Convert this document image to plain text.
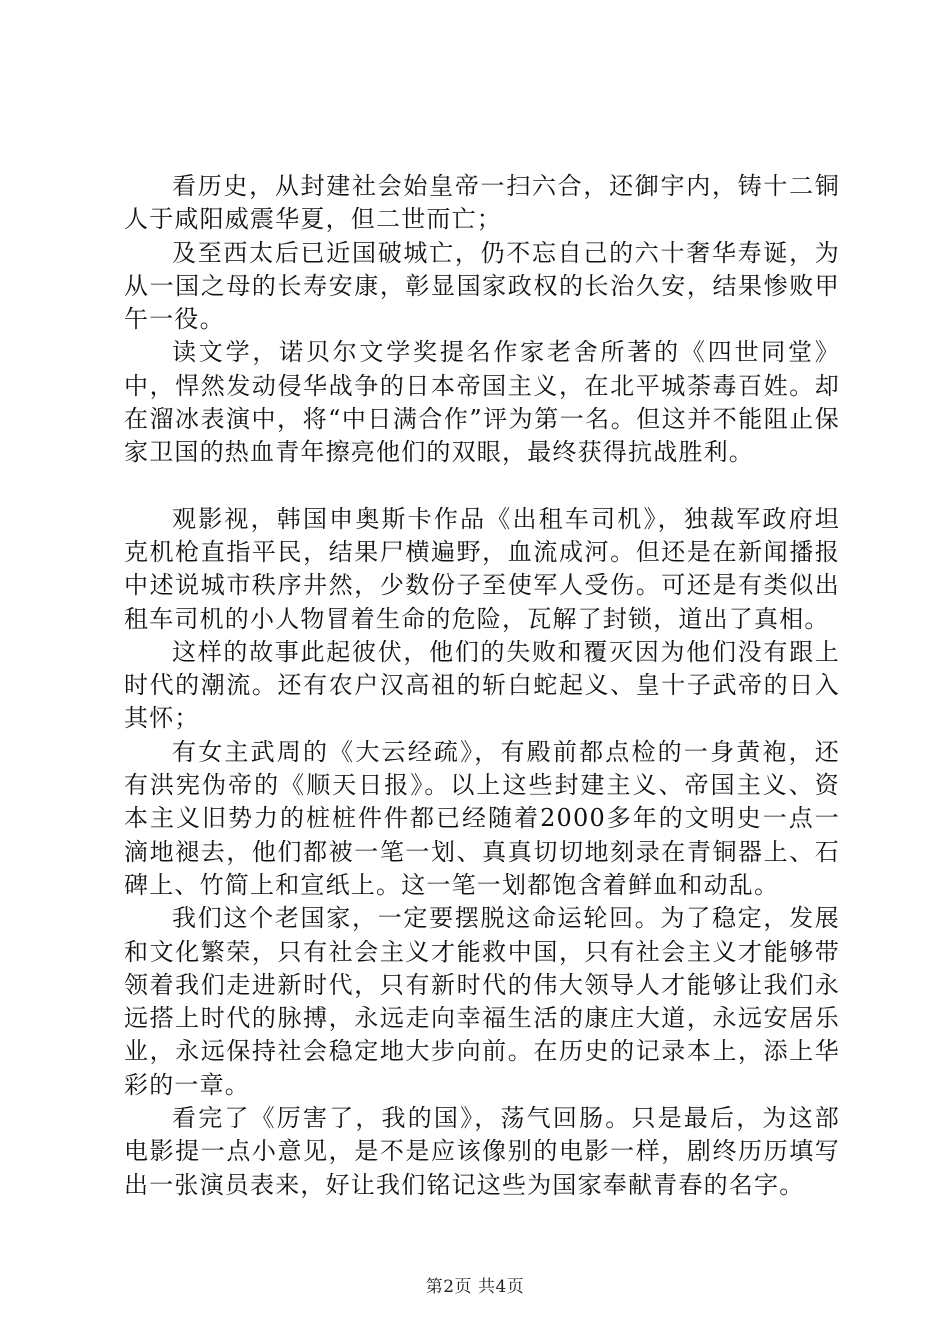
看历史，从封建社会始皇帝一扫六合，还御宇内，铸十二铜人于咸阳威震华夏，但二世而亡；

及至西太后已近国破城亡，仍不忘自己的六十奢华寿诞，为从一国之母的长寿安康，彰显国家政权的长治久安，结果惨败甲午一役。

读文学，诺贝尔文学奖提名作家老舍所著的《四世同堂》中，悍然发动侵华战争的日本帝国主义，在北平城荼毒百姓。却在溜冰表演中，将“中日满合作”评为第一名。但这并不能阻止保家卫国的热血青年擦亮他们的双眼，最终获得抗战胜利。

观影视，韩国申奥斯卡作品《出租车司机》，独裁军政府坦克机枪直指平民，结果尸横遍野，血流成河。但还是在新闻播报中述说城市秩序井然，少数份子至使军人受伤。可还是有类似出租车司机的小人物冒着生命的危险，瓦解了封锁，道出了真相。

这样的故事此起彼伏，他们的失败和覆灭因为他们没有跟上时代的潮流。还有农户汉高祖的斩白蛇起义、皇十子武帝的日入其怀；

有女主武周的《大云经疏》，有殿前都点检的一身黄袍，还有洪宪伪帝的《顺天日报》。以上这些封建主义、帝国主义、资本主义旧势力的桩桩件件都已经随着2000多年的文明史一点一滴地褪去，他们都被一笔一划、真真切切地刻录在青铜器上、石碑上、竹简上和宣纸上。这一笔一划都饱含着鲜血和动乱。

我们这个老国家，一定要摆脱这命运轮回。为了稳定，发展和文化繁荣，只有社会主义才能救中国，只有社会主义才能够带领着我们走进新时代，只有新时代的伟大领导人才能够让我们永远搭上时代的脉搏，永远走向幸福生活的康庄大道，永远安居乐业，永远保持社会稳定地大步向前。在历史的记录本上，添上华彩的一章。

看完了《厉害了，我的国》，荡气回肠。只是最后，为这部电影提一点小意见，是不是应该像别的电影一样，剧终历历填写出一张演员表来，好让我们铭记这些为国家奉献青春的名字。

第2页 共4页
